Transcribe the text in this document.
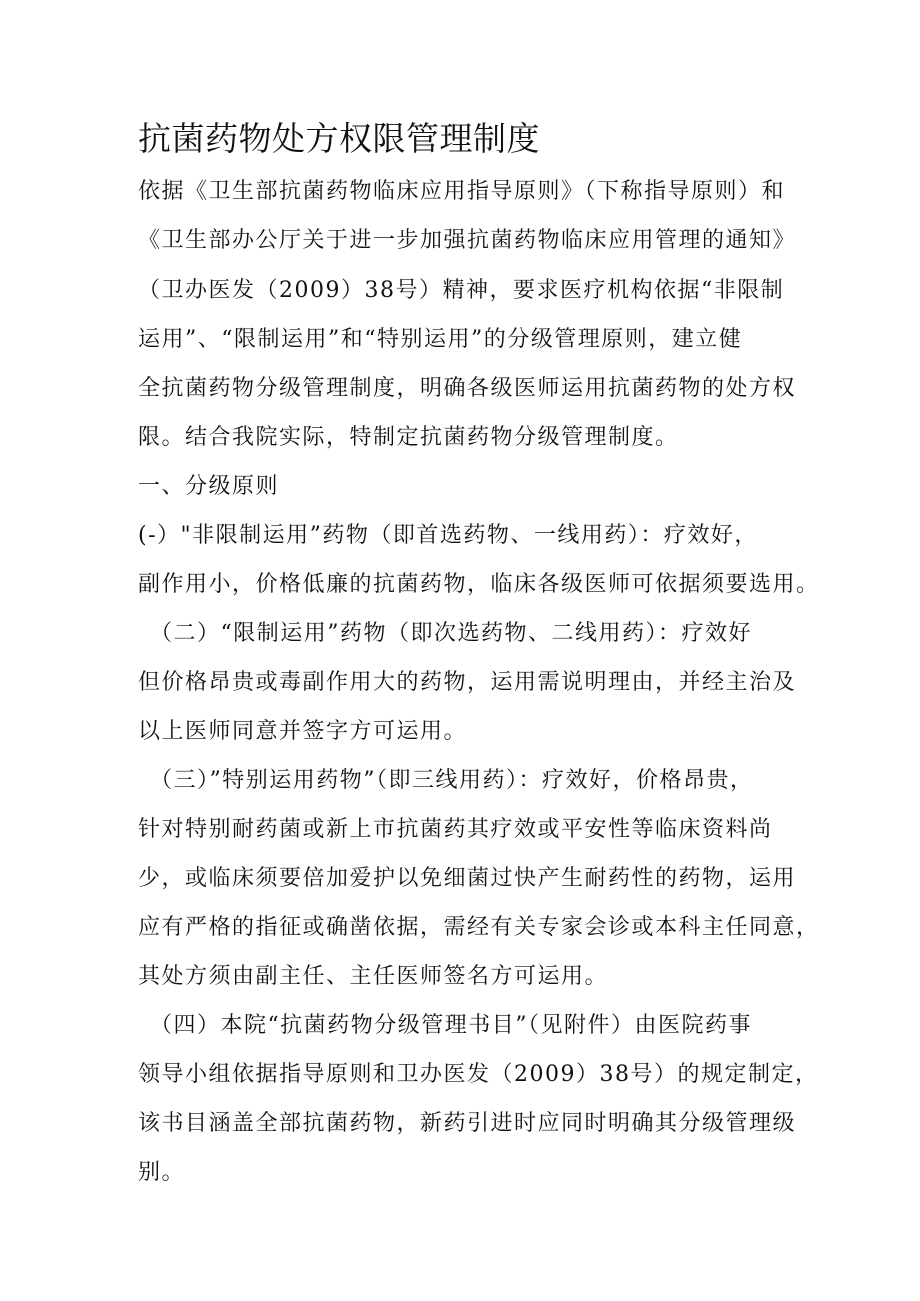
抗菌药物处方权限管理制度
依据《卫生部抗菌药物临床应用指导原则》（下称指导原则）和
《卫生部办公厅关于进一步加强抗菌药物临床应用管理的通知》
（卫办医发（2009）38号）精神，要求医疗机构依据“非限制
运用”、“限制运用”和“特别运用”的分级管理原则，建立健
全抗菌药物分级管理制度，明确各级医师运用抗菌药物的处方权
限。结合我院实际，特制定抗菌药物分级管理制度。
一、分级原则
(-）"非限制运用”药物（即首选药物、一线用药）：疗效好，
副作用小，价格低廉的抗菌药物，临床各级医师可依据须要选用。
（二）“限制运用”药物（即次选药物、二线用药）：疗效好
但价格昂贵或毒副作用大的药物，运用需说明理由，并经主治及
以上医师同意并签字方可运用。
（三）”特别运用药物”（即三线用药）：疗效好，价格昂贵，
针对特别耐药菌或新上市抗菌药其疗效或平安性等临床资料尚
少，或临床须要倍加爱护以免细菌过快产生耐药性的药物，运用
应有严格的指征或确凿依据，需经有关专家会诊或本科主任同意，
其处方须由副主任、主任医师签名方可运用。
（四）本院“抗菌药物分级管理书目”（见附件）由医院药事
领导小组依据指导原则和卫办医发（2009）38号）的规定制定，
该书目涵盖全部抗菌药物，新药引进时应同时明确其分级管理级
别。
